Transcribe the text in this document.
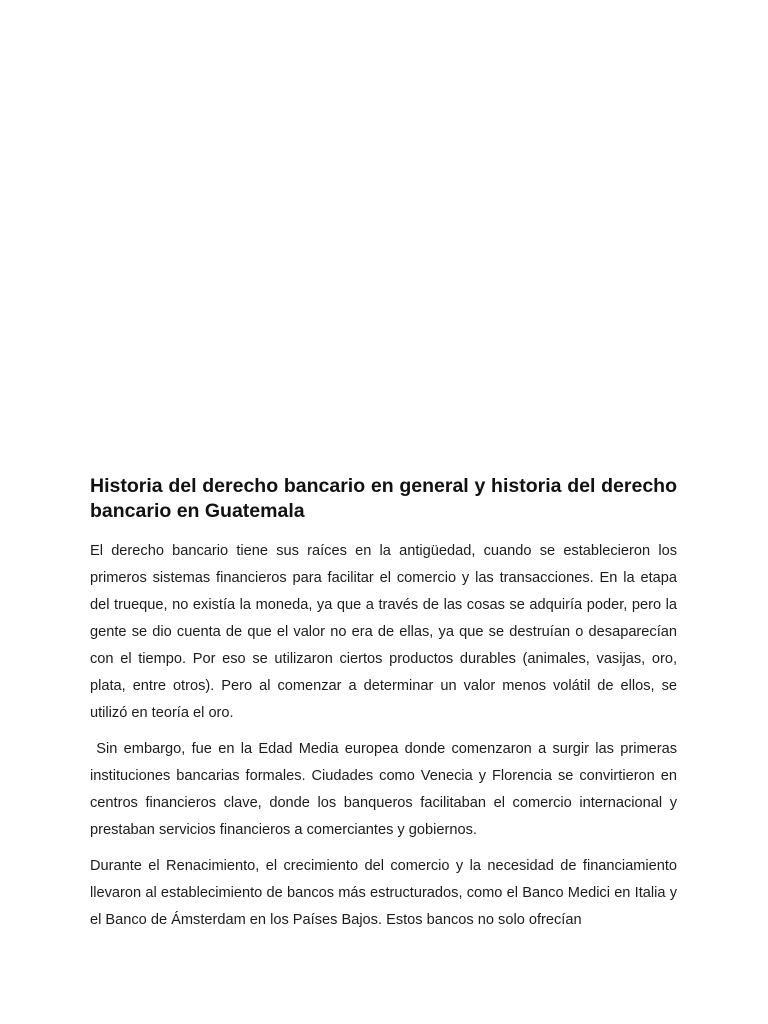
Historia del derecho bancario en general y historia del derecho bancario en Guatemala

El derecho bancario tiene sus raíces en la antigüedad, cuando se establecieron los primeros sistemas financieros para facilitar el comercio y las transacciones. En la etapa del trueque, no existía la moneda, ya que a través de las cosas se adquiría poder, pero la gente se dio cuenta de que el valor no era de ellas, ya que se destruían o desaparecían con el tiempo. Por eso se utilizaron ciertos productos durables (animales, vasijas, oro, plata, entre otros). Pero al comenzar a determinar un valor menos volátil de ellos, se utilizó en teoría el oro.

Sin embargo, fue en la Edad Media europea donde comenzaron a surgir las primeras instituciones bancarias formales. Ciudades como Venecia y Florencia se convirtieron en centros financieros clave, donde los banqueros facilitaban el comercio internacional y prestaban servicios financieros a comerciantes y gobiernos.

Durante el Renacimiento, el crecimiento del comercio y la necesidad de financiamiento llevaron al establecimiento de bancos más estructurados, como el Banco Medici en Italia y el Banco de Ámsterdam en los Países Bajos. Estos bancos no solo ofrecían
